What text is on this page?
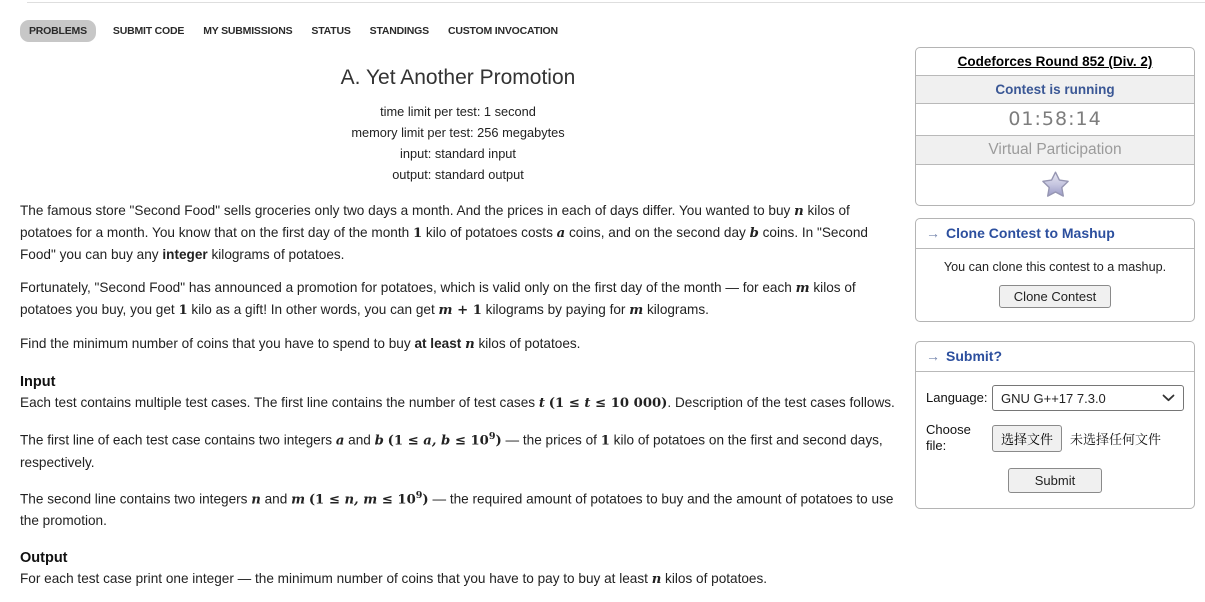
PROBLEMS	SUBMIT CODE MY SUBMISSIONS STATUS STANDINGS CUSTOM INVOCATION
A. Yet Another Promotion
time limit per test: 1 second
memory limit per test: 256 megabytes
input: standard input
output: standard output

The famous store "Second Food" sells groceries only two days a month. And the prices in each of days differ. You wanted to buy n kilos of potatoes for a month. You know that on the first day of the month 1 kilo of potatoes costs a coins, and on the second day b coins. In "Second Food" you can buy any integer kilograms of potatoes.

Fortunately, "Second Food" has announced a promotion for potatoes, which is valid only on the first day of the month — for each m kilos of potatoes you buy, you get 1 kilo as a gift! In other words, you can get m + 1 kilograms by paying for m kilograms.

Find the minimum number of coins that you have to spend to buy at least n kilos of potatoes.

Input

Each test contains multiple test cases. The first line contains the number of test cases t (1 ≤ t ≤ 10 000). Description of the test cases follows.

The first line of each test case contains two integers a and b (1 ≤ a, $b \le 10^9$) — the prices of 1 kilo of potatoes on the first and second days, respectively.

The second line contains two integers n and m (1 ≤ n, $m \le 10^9$) — the required amount of potatoes to buy and the amount of potatoes to use the promotion.

Output

For each test case print one integer — the minimum number of coins that you have to pay to buy at least n kilos of potatoes.

Codeforces Round 852 (Div. 2)
Contest is running
01:58:14
Virtual Participation
→ Clone Contest to Mashup
You can clone this contest to a mashup.
Clone Contest
→ Submit?
Language:	GNU G++17 7.3.0
Choose file:	选择文件	未选择任何文件
Submit
